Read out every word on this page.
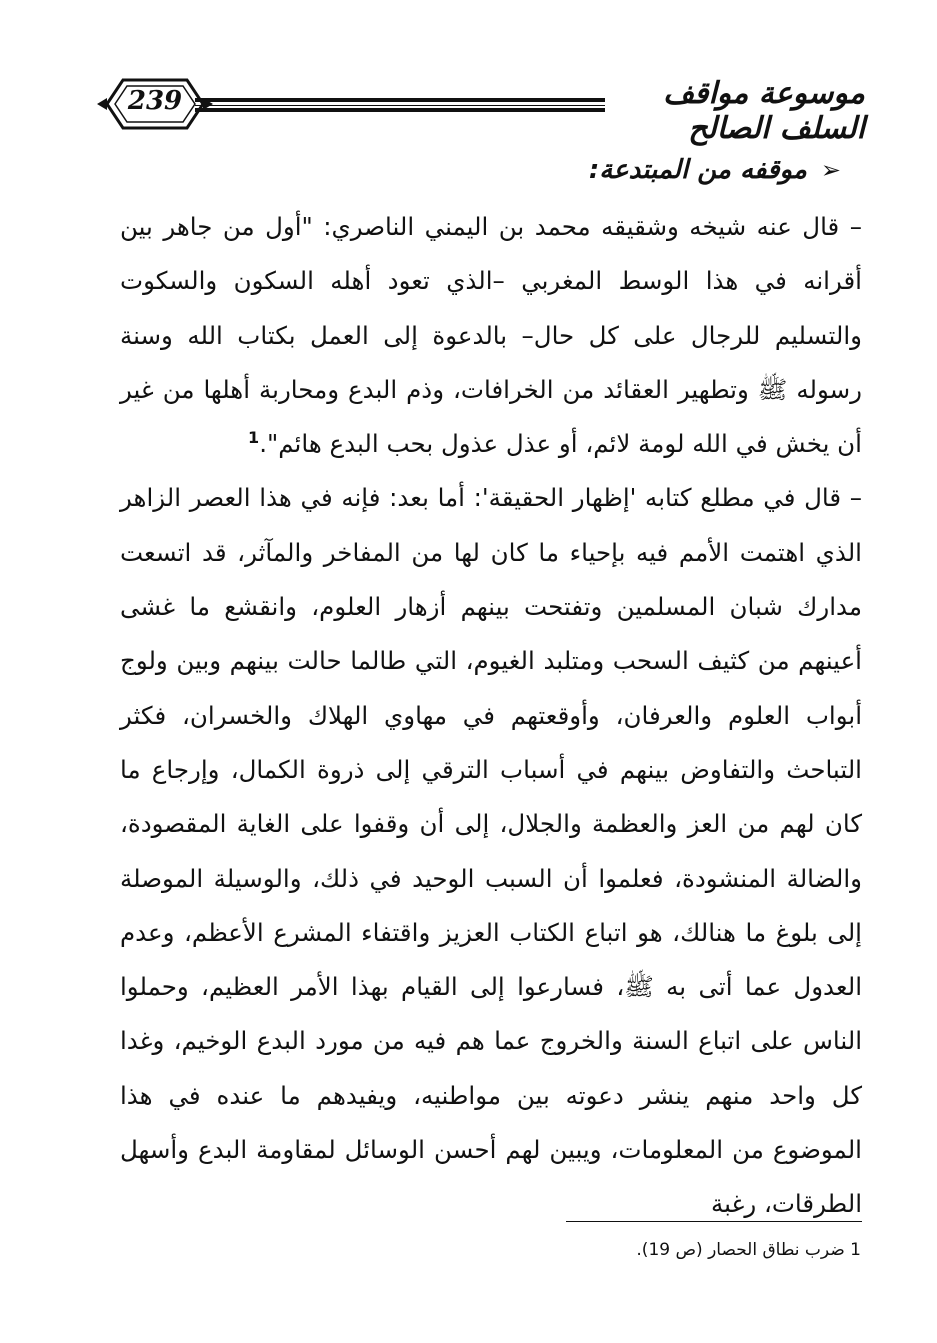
239	موسوعة مواقف السلف الصالح
➢موقفه من المبتدعة:

– قال عنه شيخه وشقيقه محمد بن اليمني الناصري: "أول من جاهر بين أقرانه في هذا الوسط المغربي –الذي تعود أهله السكون والسكوت والتسليم للرجال على كل حال– بالدعوة إلى العمل بكتاب الله وسنة رسوله ﷺ وتطهير العقائد من الخرافات، وذم البدع ومحاربة أهلها من غير أن يخش في الله لومة لائم، أو عذل عذول بحب البدع هائم".$^1$

– قال في مطلع كتابه 'إظهار الحقيقة': أما بعد: فإنه في هذا العصر الزاهر الذي اهتمت الأمم فيه بإحياء ما كان لها من المفاخر والمآثر، قد اتسعت مدارك شبان المسلمين وتفتحت بينهم أزهار العلوم، وانقشع ما غشى أعينهم من كثيف السحب ومتلبد الغيوم، التي طالما حالت بينهم وبين ولوج أبواب العلوم والعرفان، وأوقعتهم في مهاوي الهلاك والخسران، فكثر التباحث والتفاوض بينهم في أسباب الترقي إلى ذروة الكمال، وإرجاع ما كان لهم من العز والعظمة والجلال، إلى أن وقفوا على الغاية المقصودة، والضالة المنشودة، فعلموا أن السبب الوحيد في ذلك، والوسيلة الموصلة إلى بلوغ ما هنالك، هو اتباع الكتاب العزيز واقتفاء المشرع الأعظم، وعدم العدول عما أتى به ﷺ، فسارعوا إلى القيام بهذا الأمر العظيم، وحملوا الناس على اتباع السنة والخروج عما هم فيه من مورد البدع الوخيم، وغدا كل واحد منهم ينشر دعوته بين مواطنيه، ويفيدهم ما عنده في هذا الموضوع من المعلومات، ويبين لهم أحسن الوسائل لمقاومة البدع وأسهل الطرقات، رغبة

1 ضرب نطاق الحصار (ص 19).
